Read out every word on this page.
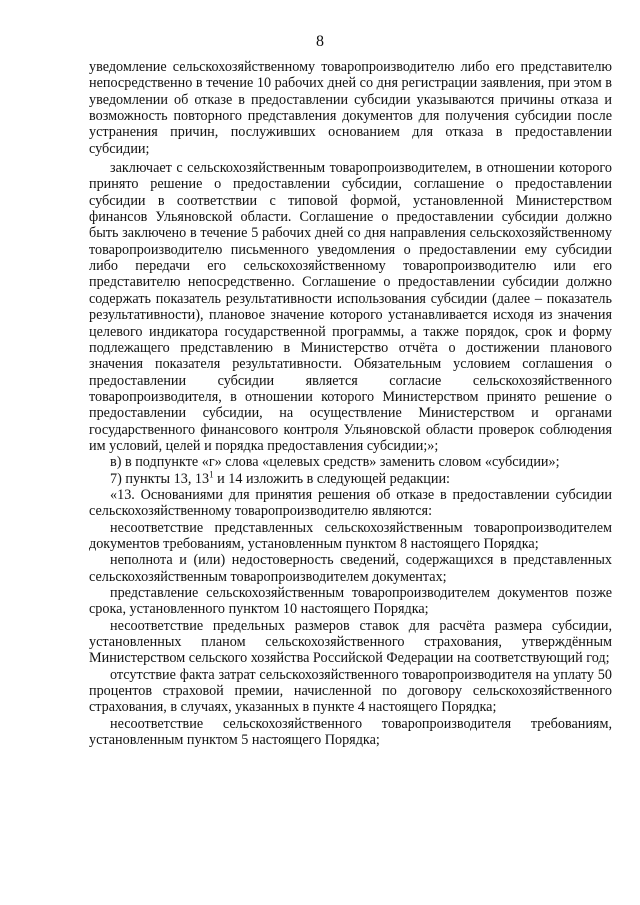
8

уведомление сельскохозяйственному товаропроизводителю либо его представителю непосредственно в течение 10 рабочих дней со дня регистрации заявления, при этом в уведомлении об отказе в предоставлении субсидии указываются причины отказа и возможность повторного представления документов для получения субсидии после устранения причин, послуживших основанием для отказа в предоставлении субсидии;

заключает с сельскохозяйственным товаропроизводителем, в отношении которого принято решение о предоставлении субсидии, соглашение о предоставлении субсидии в соответствии с типовой формой, установленной Министерством финансов Ульяновской области. Соглашение о предоставлении субсидии должно быть заключено в течение 5 рабочих дней со дня направления сельскохозяйственному товаропроизводителю письменного уведомления о предоставлении ему субсидии либо передачи его сельскохозяйственному товаропроизводителю или его представителю непосредственно. Соглашение о предоставлении субсидии должно содержать показатель результативности использования субсидии (далее – показатель результативности), плановое значение которого устанавливается исходя из значения целевого индикатора государственной программы, а также порядок, срок и форму подлежащего представлению в Министерство отчёта о достижении планового значения показателя результативности. Обязательным условием соглашения о предоставлении субсидии является согласие сельскохозяйственного товаропроизводителя, в отношении которого Министерством принято решение о предоставлении субсидии, на осуществление Министерством и органами государственного финансового контроля Ульяновской области проверок соблюдения им условий, целей и порядка предоставления субсидии;»;

в) в подпункте «г» слова «целевых средств» заменить словом «субсидии»;

7) пункты 13, $13^1$ и 14 изложить в следующей редакции:

«13. Основаниями для принятия решения об отказе в предоставлении субсидии сельскохозяйственному товаропроизводителю являются:

несоответствие представленных сельскохозяйственным товаропроизводителем документов требованиям, установленным пунктом 8 настоящего Порядка;

неполнота и (или) недостоверность сведений, содержащихся в представленных сельскохозяйственным товаропроизводителем документах;

представление сельскохозяйственным товаропроизводителем документов позже срока, установленного пунктом 10 настоящего Порядка;

несоответствие предельных размеров ставок для расчёта размера субсидии, установленных планом сельскохозяйственного страхования, утверждённым Министерством сельского хозяйства Российской Федерации на соответствующий год;

отсутствие факта затрат сельскохозяйственного товаропроизводителя на уплату 50 процентов страховой премии, начисленной по договору сельскохозяйственного страхования, в случаях, указанных в пункте 4 настоящего Порядка;

несоответствие сельскохозяйственного товаропроизводителя требованиям, установленным пунктом 5 настоящего Порядка;
